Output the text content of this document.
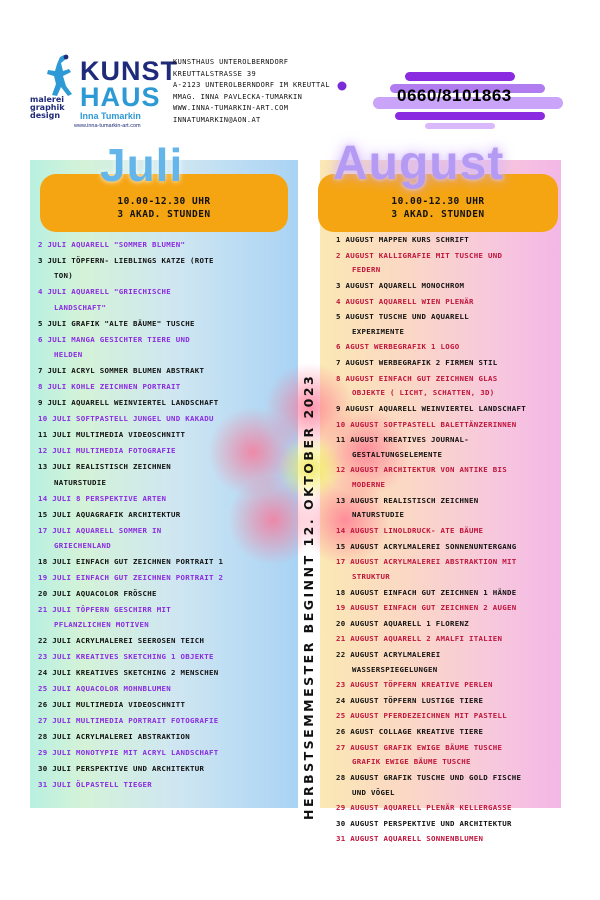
malerei
graphik
design
KUNST
HAUS
Inna Tumarkin
www.inna-tumarkin-art.com
KUNSTHAUS UNTEROLBERNDORF
KREUTTALSTRASSE 39
A-2123 UNTEROLBERNDORF IM KREUTTAL
MMAG. INNA PAVLECKA-TUMARKIN
WWW.INNA-TUMARKIN-ART.COM
INNATUMARKIN@AON.AT
0660/8101863
Juli	August
10.00-12.30 UHR
3 AKAD. STUNDEN
10.00-12.30 UHR
3 AKAD. STUNDEN
2 JULI AQUARELL "SOMMER BLUMEN"
3 JULI TÖPFERN- LIEBLINGS KATZE (ROTE
TON)
4 JULI AQUARELL "GRIECHISCHE
LANDSCHAFT"
5 JULI GRAFIK "ALTE BÄUME" TUSCHE
6 JULI MANGA GESICHTER TIERE UND
HELDEN
7 JULI ACRYL SOMMER BLUMEN ABSTRAKT
8 JULI KOHLE ZEICHNEN PORTRAIT
9 JULI AQUARELL WEINVIERTEL LANDSCHAFT
10 JULI SOFTPASTELL JUNGEL UND KAKADU
11 JULI MULTIMEDIA VIDEOSCHNITT
12 JULI MULTIMEDIA FOTOGRAFIE
13 JULI REALISTISCH ZEICHNEN
NATURSTUDIE
14 JULI 8 PERSPEKTIVE ARTEN
15 JULI AQUAGRAFIK ARCHITEKTUR
17 JULI AQUARELL SOMMER IN
GRIECHENLAND
18 JULI EINFACH GUT ZEICHNEN PORTRAIT 1
19 JULI EINFACH GUT ZEICHNEN PORTRAIT 2
20 JULI AQUACOLOR FRÖSCHE
21 JULI TÖPFERN GESCHIRR MIT
PFLANZLICHEN MOTIVEN
22 JULI ACRYLMALEREI SEEROSEN TEICH
23 JULI KREATIVES SKETCHING 1 OBJEKTE
24 JULI KREATIVES SKETCHING 2 MENSCHEN
25 JULI AQUACOLOR MOHNBLUMEN
26 JULI MULTIMEDIA VIDEOSCHNITT
27 JULI MULTIMEDIA PORTRAIT FOTOGRAFIE
28 JULI ACRYLMALEREI ABSTRAKTION
29 JULI MONOTYPIE MIT ACRYL LANDSCHAFT
30 JULI PERSPEKTIVE UND ARCHITEKTUR
31 JULI ÖLPASTELL TIEGER
1 AUGUST MAPPEN KURS SCHRIFT
2 AUGUST KALLIGRAFIE MIT TUSCHE UND
FEDERN
3 AUGUST AQUARELL MONOCHROM
4 AUGUST AQUARELL WIEN PLENÄR
5 AUGUST TUSCHE UND AQUARELL
EXPERIMENTE
6 AGUST WERBEGRAFIK 1 LOGO
7 AUGUST WERBEGRAFIK 2 FIRMEN STIL
8 AUGUST EINFACH GUT ZEICHNEN GLAS
OBJEKTE ( LICHT, SCHATTEN, 3D)
9 AUGUST AQUARELL WEINVIERTEL LANDSCHAFT
10 AUGUST SOFTPASTELL BALETTÄNZERINNEN
11 AUGUST KREATIVES JOURNAL-
GESTALTUNGSELEMENTE
12 AUGUST ARCHITEKTUR VON ANTIKE BIS
MODERNE
13 AUGUST REALISTISCH ZEICHNEN
NATURSTUDIE
14 AUGUST LINOLDRUCK- ATE BÄUME
15 AUGUST ACRYLMALEREI SONNENUNTERGANG
17 AUGUST ACRYLMALEREI ABSTRAKTION MIT
STRUKTUR
18 AUGUST EINFACH GUT ZEICHNEN 1 HÄNDE
19 AUGUST EINFACH GUT ZEICHNEN 2 AUGEN
20 AUGUST AQUARELL 1 FLORENZ
21 AUGUST AQUARELL 2 AMALFI ITALIEN
22 AUGUST ACRYLMALEREI
WASSERSPIEGELUNGEN
23 AUGUST TÖPFERN KREATIVE PERLEN
24 AUGUST TÖPFERN LUSTIGE TIERE
25 AUGUST PFERDEZEICHNEN MIT PASTELL
26 AGUST COLLAGE KREATIVE TIERE
27 AUGUST GRAFIK EWIGE BÄUME TUSCHE
GRAFIK EWIGE BÄUME TUSCHE
28 AUGUST GRAFIK TUSCHE UND GOLD FISCHE
UND VÖGEL
29 AUGUST AQUARELL PLENÄR KELLERGASSE
30 AUGUST PERSPEKTIVE UND ARCHITEKTUR
31 AUGUST AQUARELL SONNENBLUMEN
HERBSTSEMMESTER BEGINNT 12. OKTOBER 2023
